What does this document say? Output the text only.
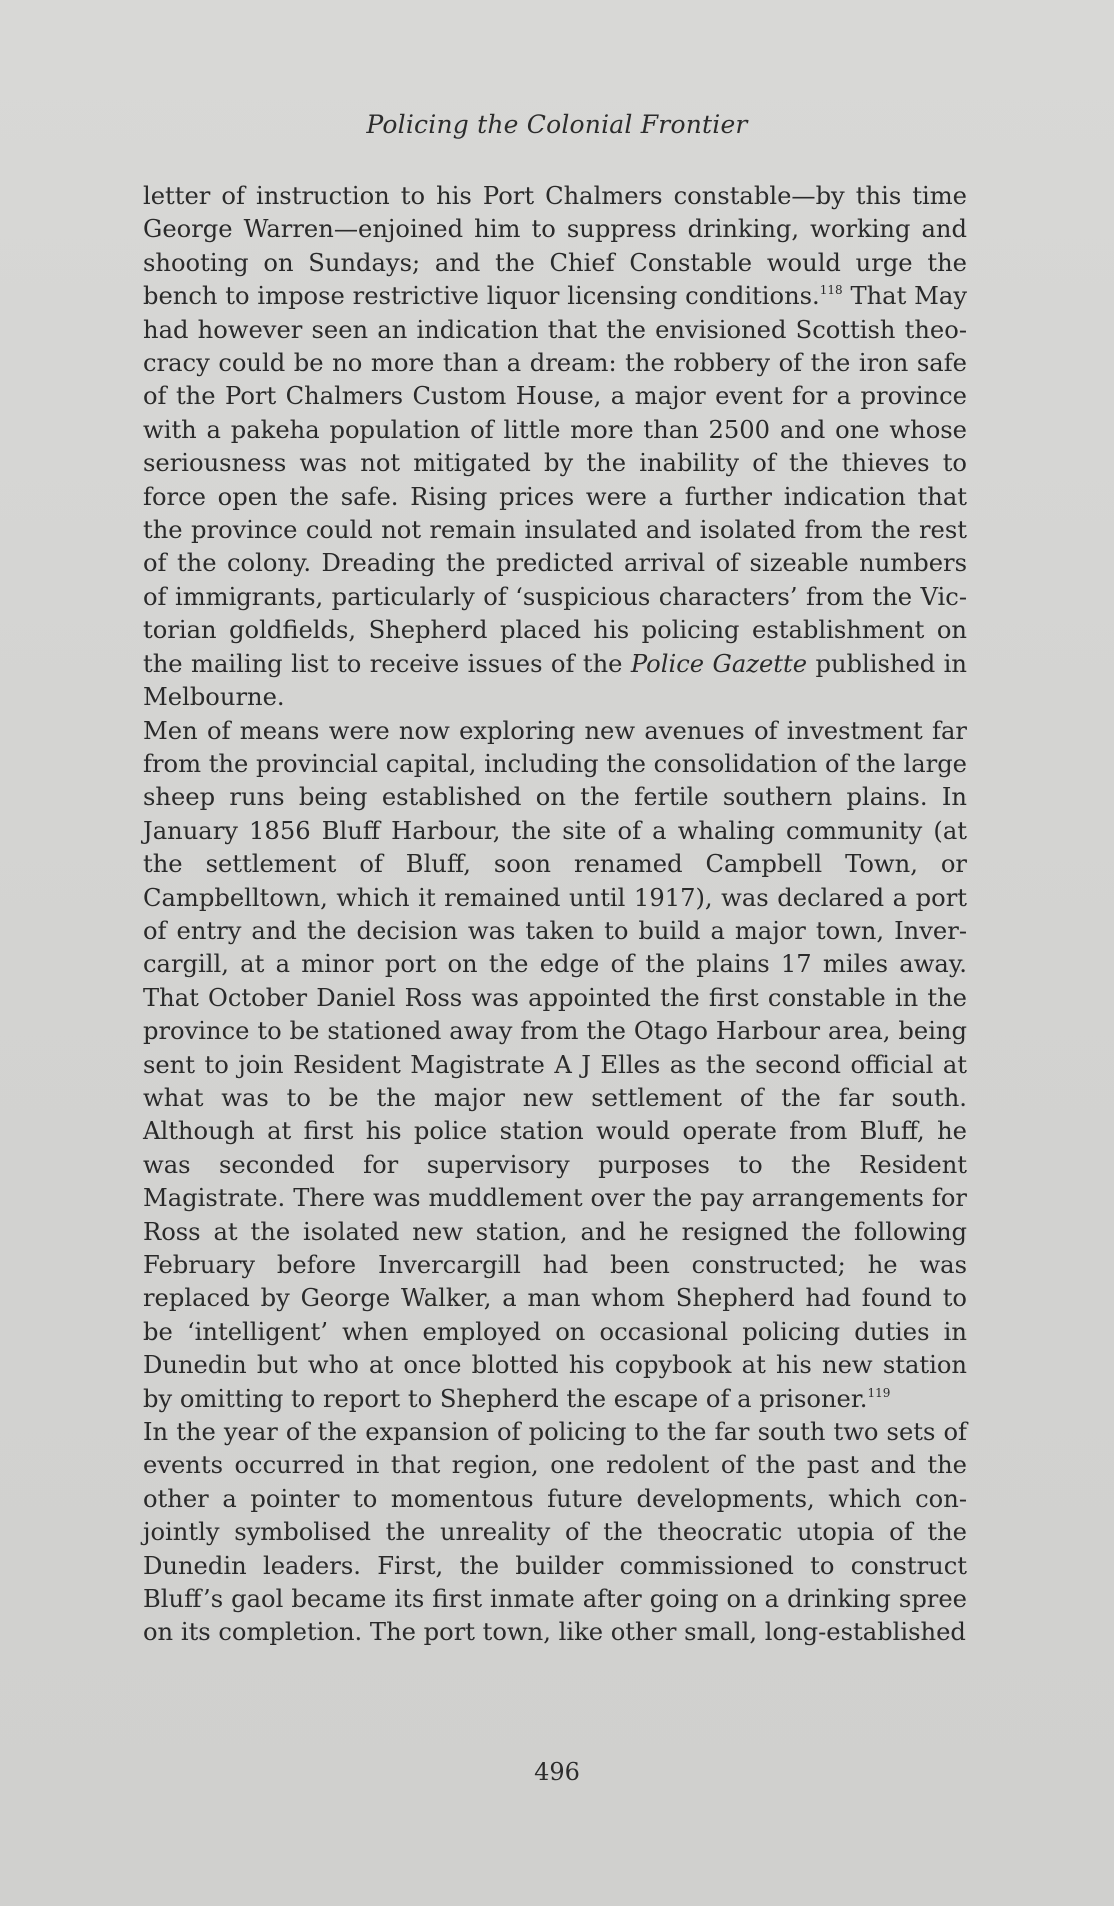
Policing the Colonial Frontier

letter of instruction to his Port Chalmers constable—by this time George Warren—enjoined him to suppress drinking, working and shooting on Sundays; and the Chief Constable would urge the bench to impose restrictive liquor licensing conditions.$^{118}$ That May had however seen an indication that the envisioned Scottish theocracy could be no more than a dream: the robbery of the iron safe of the Port Chalmers Custom House, a major event for a province with a pakeha population of little more than 2500 and one whose seriousness was not mitigated by the inability of the thieves to force open the safe. Rising prices were a further indication that the province could not remain insulated and isolated from the rest of the colony. Dreading the predicted arrival of sizeable numbers of immigrants, particularly of ‘suspicious characters’ from the Victorian goldfields, Shepherd placed his policing establishment on the mailing list to receive issues of the Police Gazette published in Melbourne.

Men of means were now exploring new avenues of investment far from the provincial capital, including the consolidation of the large sheep runs being established on the fertile southern plains. In January 1856 Bluff Harbour, the site of a whaling community (at the settlement of Bluff, soon renamed Campbell Town, or Campbelltown, which it remained until 1917), was declared a port of entry and the decision was taken to build a major town, Invercargill, at a minor port on the edge of the plains 17 miles away. That October Daniel Ross was appointed the first constable in the province to be stationed away from the Otago Harbour area, being sent to join Resident Magistrate A J Elles as the second official at what was to be the major new settlement of the far south. Although at first his police station would operate from Bluff, he was seconded for supervisory purposes to the Resident Magistrate. There was muddlement over the pay arrangements for Ross at the isolated new station, and he resigned the following February before Invercargill had been constructed; he was replaced by George Walker, a man whom Shepherd had found to be ‘intelligent’ when employed on occasional policing duties in Dunedin but who at once blotted his copybook at his new station by omitting to report to Shepherd the escape of a prisoner.$^{119}$

In the year of the expansion of policing to the far south two sets of events occurred in that region, one redolent of the past and the other a pointer to momentous future developments, which conjointly symbolised the unreality of the theocratic utopia of the Dunedin leaders. First, the builder commissioned to construct Bluff’s gaol became its first inmate after going on a drinking spree on its completion. The port town, like other small, long-established

496
